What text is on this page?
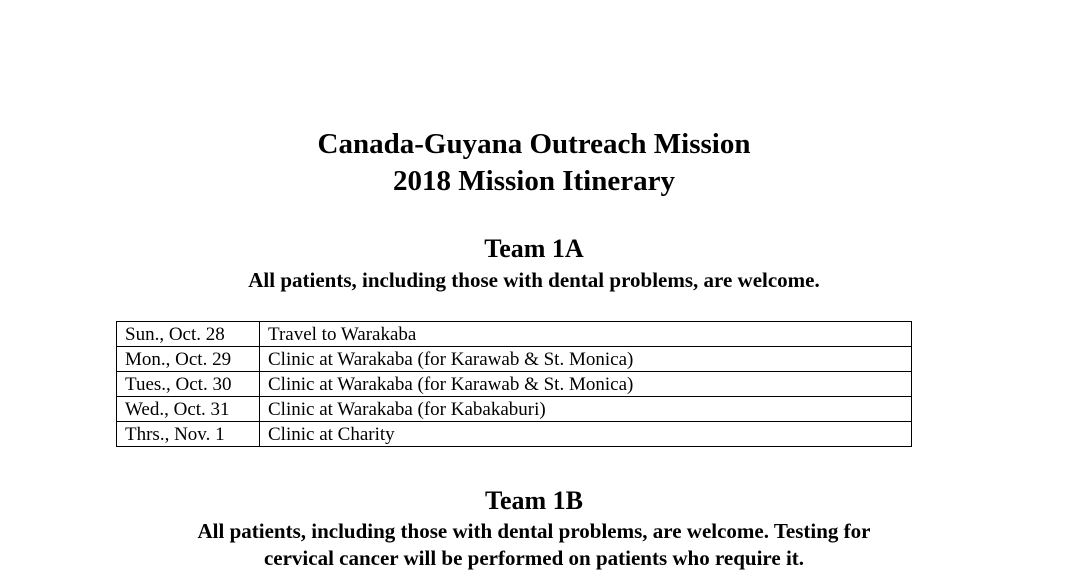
Canada-Guyana Outreach Mission
2018 Mission Itinerary
Team 1A
All patients, including those with dental problems, are welcome.
Sun., Oct. 28	Travel to Warakaba
Mon., Oct. 29	Clinic at Warakaba (for Karawab & St. Monica)
Tues., Oct. 30	Clinic at Warakaba (for Karawab & St. Monica)
Wed., Oct. 31	Clinic at Warakaba (for Kabakaburi)
Thrs., Nov. 1	Clinic at Charity
Team 1B
All patients, including those with dental problems, are welcome. Testing for
cervical cancer will be performed on patients who require it.
